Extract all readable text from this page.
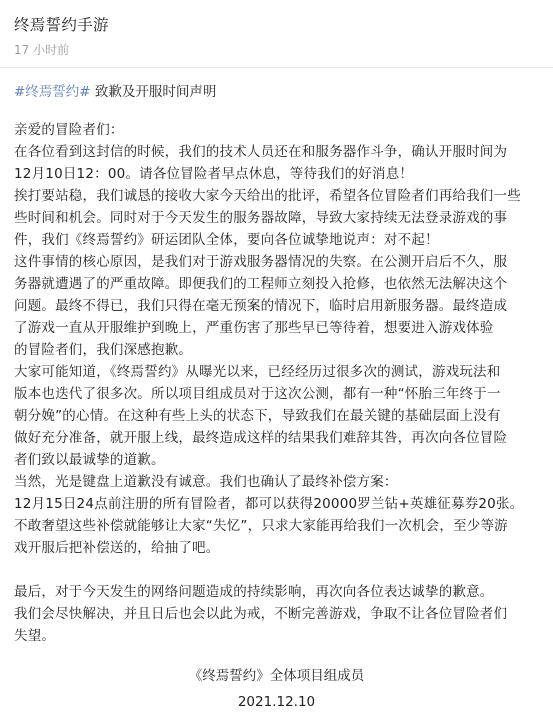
终焉誓约手游
17 小时前
#终焉誓约# 致歉及开服时间声明
亲爱的冒险者们：
在各位看到这封信的时候，我们的技术人员还在和服务器作斗争，确认开服时间为
12月10日12：00。请各位冒险者早点休息，等待我们的好消息！
挨打要站稳，我们诚恳的接收大家今天给出的批评，希望各位冒险者们再给我们一些
些时间和机会。同时对于今天发生的服务器故障，导致大家持续无法登录游戏的事
件，我们《终焉誓约》研运团队全体，要向各位诚挚地说声：对不起！
这件事情的核心原因，是我们对于游戏服务器情况的失察。在公测开启后不久，服
务器就遭遇了的严重故障。即便我们的工程师立刻投入抢修，也依然无法解决这个
问题。最终不得已，我们只得在毫无预案的情况下，临时启用新服务器。最终造成
了游戏一直从开服维护到晚上，严重伤害了那些早已等待着，想要进入游戏体验
的冒险者们，我们深感抱歉。
大家可能知道，《终焉誓约》从曝光以来，已经经历过很多次的测试，游戏玩法和
版本也迭代了很多次。所以项目组成员对于这次公测，都有一种“怀胎三年终于一
朝分娩”的心情。在这种有些上头的状态下，导致我们在最关键的基础层面上没有
做好充分准备，就开服上线，最终造成这样的结果我们难辞其咎，再次向各位冒险
者们致以最诚挚的道歉。
当然，光是键盘上道歉没有诚意。我们也确认了最终补偿方案：
12月15日24点前注册的所有冒险者，都可以获得20000罗兰钻+英雄征募券20张。
不敢奢望这些补偿就能够让大家“失忆”，只求大家能再给我们一次机会，至少等游
戏开服后把补偿送的，给抽了吧。
最后，对于今天发生的网络问题造成的持续影响，再次向各位表达诚挚的歉意。
我们会尽快解决，并且日后也会以此为戒，不断完善游戏，争取不让各位冒险者们
失望。
《终焉誓约》全体项目组成员
2021.12.10
